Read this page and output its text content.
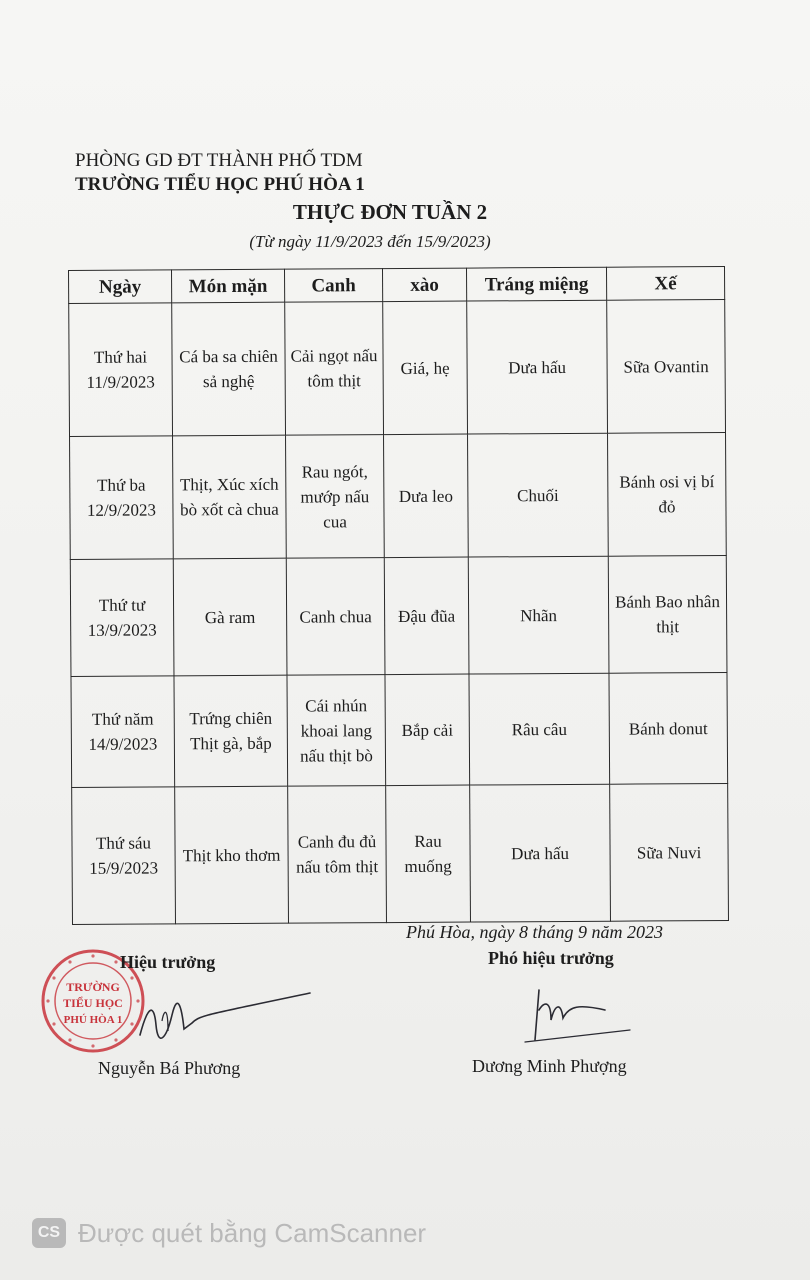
PHÒNG GD ĐT THÀNH PHỐ TDM
TRƯỜNG TIỂU HỌC PHÚ HÒA 1
THỰC ĐƠN TUẦN 2
(Từ ngày 11/9/2023 đến 15/9/2023)
Ngày	Món mặn	Canh	xào	Tráng miệng	Xế
Thứ hai
11/9/2023	Cá ba sa chiên sả nghệ	Cải ngọt nấu tôm thịt	Giá, hẹ	Dưa hấu	Sữa Ovantin
Thứ ba
12/9/2023	Thịt, Xúc xích bò xốt cà chua	Rau ngót, mướp nấu cua	Dưa leo	Chuối	Bánh osi vị bí đỏ
Thứ tư
13/9/2023	Gà ram	Canh chua	Đậu đũa	Nhãn	Bánh Bao nhân thịt
Thứ năm
14/9/2023	Trứng chiên Thịt gà, bắp	Cái nhún khoai lang nấu thịt bò	Bắp cải	Râu câu	Bánh donut
Thứ sáu
15/9/2023	Thịt kho thơm	Canh đu đủ nấu tôm thịt	Rau muống	Dưa hấu	Sữa Nuvi
Phú Hòa, ngày 8 tháng 9 năm 2023
TRƯỜNG
TIỂU HỌC
PHÚ HÒA 1
Hiệu trưởng	Phó hiệu trưởng
Nguyễn Bá Phương	Dương Minh Phượng
CS Được quét bằng CamScanner
